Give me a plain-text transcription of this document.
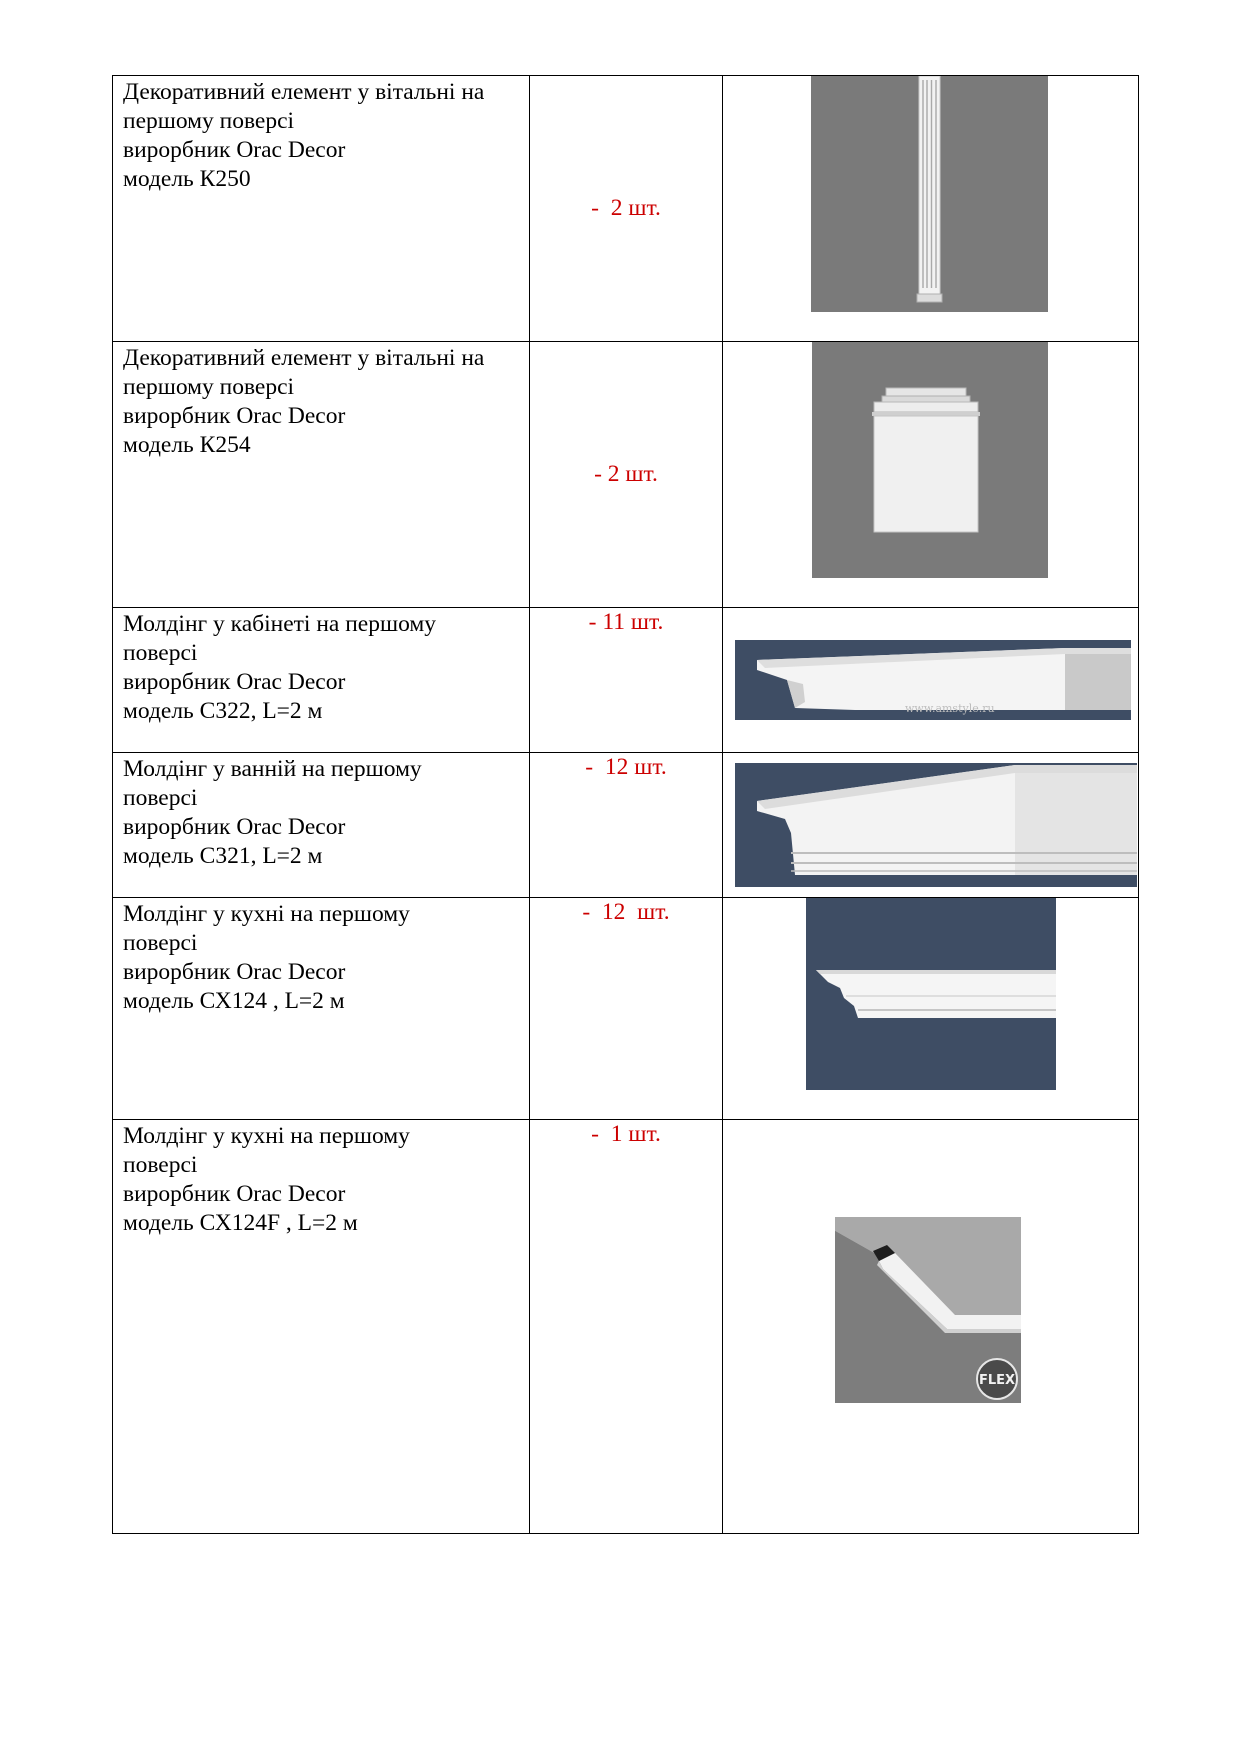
Декоративний елемент у вітальні на
першому поверсі
вирорбник Orac Decor
модель К250	-  2 шт.

Декоративний елемент у вітальні на
першому поверсі
вирорбник Orac Decor
модель К254	- 2 шт.

Молдінг у кабінеті на першому
поверсі
вирорбник Orac Decor
модель С322, L=2 м	- 11 шт.	www.amstyle.ru

Молдінг у ванній на першому
поверсі
вирорбник Orac Decor
модель С321, L=2 м	-  12 шт.

Молдінг у кухні на першому
поверсі
вирорбник Orac Decor
модель СХ124 , L=2 м	-  12  шт.

Молдінг у кухні на першому
поверсі
вирорбник Orac Decor
модель СХ124F , L=2 м	-  1 шт.	FLEX
